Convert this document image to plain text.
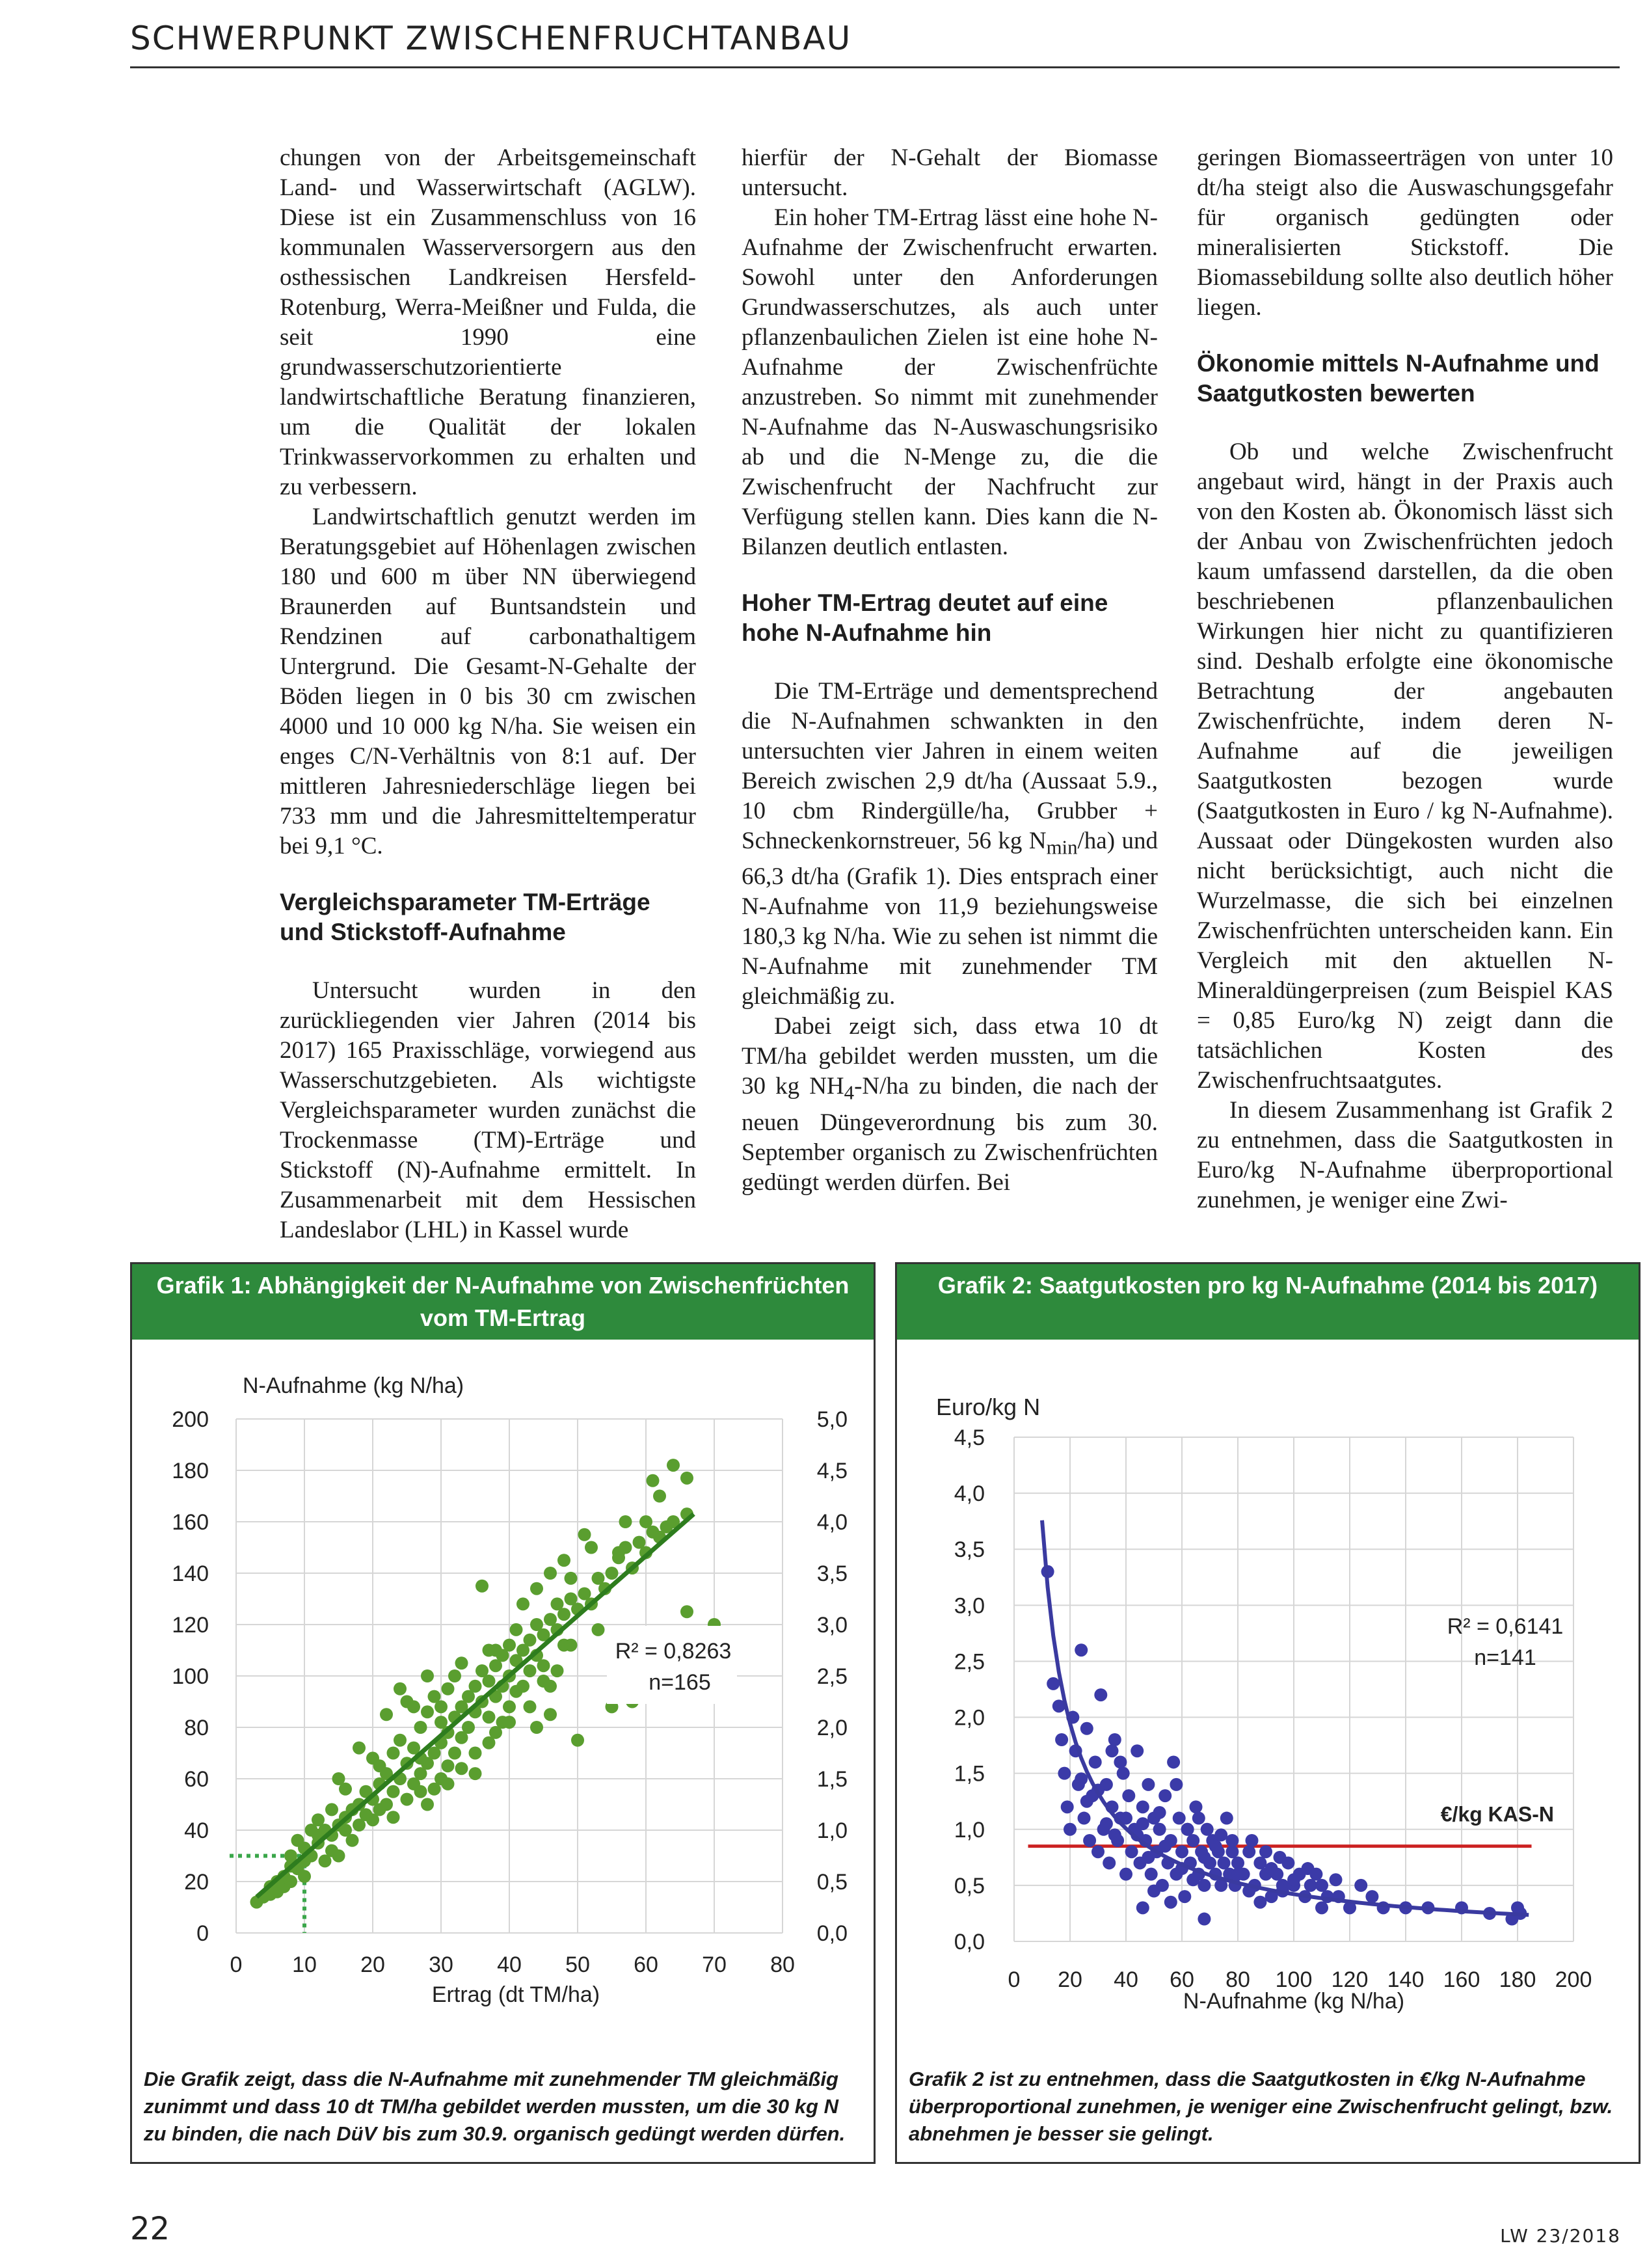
SCHWERPUNKT ZWISCHENFRUCHTANBAU

chungen von der Arbeitsgemeinschaft Land- und Wasserwirtschaft (AGLW). Diese ist ein Zusammenschluss von 16 kommunalen Wasserversorgern aus den osthessischen Landkreisen Hersfeld-Rotenburg, Werra-Meißner und Fulda, die seit 1990 eine grundwasserschutzorientierte landwirtschaftliche Beratung finanzieren, um die Qualität der lokalen Trinkwasservorkommen zu erhalten und zu verbessern.

Landwirtschaftlich genutzt werden im Beratungsgebiet auf Höhenlagen zwischen 180 und 600 m über NN überwiegend Braunerden auf Buntsandstein und Rendzinen auf carbonathaltigem Untergrund. Die Gesamt-N-Gehalte der Böden liegen in 0 bis 30 cm zwischen 4000 und 10 000 kg N/ha. Sie weisen ein enges C/N-Verhältnis von 8:1 auf. Der mittleren Jahresniederschläge liegen bei 733 mm und die Jahresmitteltemperatur bei 9,1 °C.

Vergleichsparameter TM-Erträge und Stickstoff-Aufnahme

Untersucht wurden in den zurückliegenden vier Jahren (2014 bis 2017) 165 Praxisschläge, vorwiegend aus Wasserschutzgebieten. Als wichtigste Vergleichsparameter wurden zunächst die Trockenmasse (TM)-Erträge und Stickstoff (N)-Aufnahme ermittelt. In Zusammenarbeit mit dem Hessischen Landeslabor (LHL) in Kassel wurde

hierfür der N-Gehalt der Biomasse untersucht.

Ein hoher TM-Ertrag lässt eine hohe N-Aufnahme der Zwischenfrucht erwarten. Sowohl unter den Anforderungen Grundwasserschutzes, als auch unter pflanzenbaulichen Zielen ist eine hohe N-Aufnahme der Zwischenfrüchte anzustreben. So nimmt mit zunehmender N-Aufnahme das N-Auswaschungsrisiko ab und die N-Menge zu, die die Zwischenfrucht der Nachfrucht zur Verfügung stellen kann. Dies kann die N-Bilanzen deutlich entlasten.

Hoher TM-Ertrag deutet auf eine hohe N-Aufnahme hin

Die TM-Erträge und dementsprechend die N-Aufnahmen schwankten in den untersuchten vier Jahren in einem weiten Bereich zwischen 2,9 dt/ha (Aussaat 5.9., 10 cbm Rindergülle/ha, Grubber + Schneckenkornstreuer, 56 kg $N_{min}/ha$) und 66,3 dt/ha (Grafik 1). Dies entsprach einer N-Aufnahme von 11,9 beziehungsweise 180,3 kg N/ha. Wie zu sehen ist nimmt die N-Aufnahme mit zunehmender TM gleichmäßig zu.

Dabei zeigt sich, dass etwa 10 dt TM/ha gebildet werden mussten, um die 30 kg $NH_4-N/ha$ zu binden, die nach der neuen Düngeverordnung bis zum 30. September organisch zu Zwischenfrüchten gedüngt werden dürfen. Bei

geringen Biomasseerträgen von unter 10 dt/ha steigt also die Auswaschungsgefahr für organisch gedüngten oder mineralisierten Stickstoff. Die Biomassebildung sollte also deutlich höher liegen.

Ökonomie mittels N-Aufnahme und Saatgutkosten bewerten

Ob und welche Zwischenfrucht angebaut wird, hängt in der Praxis auch von den Kosten ab. Ökonomisch lässt sich der Anbau von Zwischenfrüchten jedoch kaum umfassend darstellen, da die oben beschriebenen pflanzenbaulichen Wirkungen hier nicht zu quantifizieren sind. Deshalb erfolgte eine ökonomische Betrachtung der angebauten Zwischenfrüchte, indem deren N-Aufnahme auf die jeweiligen Saatgutkosten bezogen wurde (Saatgutkosten in Euro / kg N-Aufnahme). Aussaat oder Düngekosten wurden also nicht berücksichtigt, auch nicht die Wurzelmasse, die sich bei einzelnen Zwischenfrüchten unterscheiden kann. Ein Vergleich mit den aktuellen N-Mineraldüngerpreisen (zum Beispiel KAS = 0,85 Euro/kg N) zeigt dann die tatsächlichen Kosten des Zwischenfruchtsaatgutes.

In diesem Zusammenhang ist Grafik 2 zu entnehmen, dass die Saatgutkosten in Euro/kg N-Aufnahme überproportional zunehmen, je weniger eine Zwi-

Grafik 1: Abhängigkeit der N-Aufnahme von Zwischenfrüchten vom TM-Ertrag
0 10 20 30 40 50 60 70 80
0	0,0
20	0,5
40	1,0
60	1,5
80	2,0
100	2,5
120	3,0
140	3,5
160	4,0
180	4,5
200	5,0
N-Aufnahme (kg N/ha)
Ertrag (dt TM/ha)
R² = 0,8263
n=165
Die Grafik zeigt, dass die N-Aufnahme mit zunehmender TM gleichmäßig zunimmt und dass 10 dt TM/ha gebildet werden mussten, um die 30 kg N zu binden, die nach DüV bis zum 30.9. organisch gedüngt werden dürfen.
Grafik 2: Saatgutkosten pro kg N-Aufnahme (2014 bis 2017)
0 20 40 60 80 100 120 140 160 180 200
0,0
0,5
1,0
1,5
2,0
2,5
3,0
3,5
4,0
4,5
Euro/kg N
N-Aufnahme (kg N/ha)
€/kg KAS-N
R² = 0,6141
n=141
Grafik 2 ist zu entnehmen, dass die Saatgutkosten in €/kg N-Aufnahme überproportional zunehmen, je weniger eine Zwischenfrucht gelingt, bzw. abnehmen je besser sie gelingt.
22	LW 23/2018
